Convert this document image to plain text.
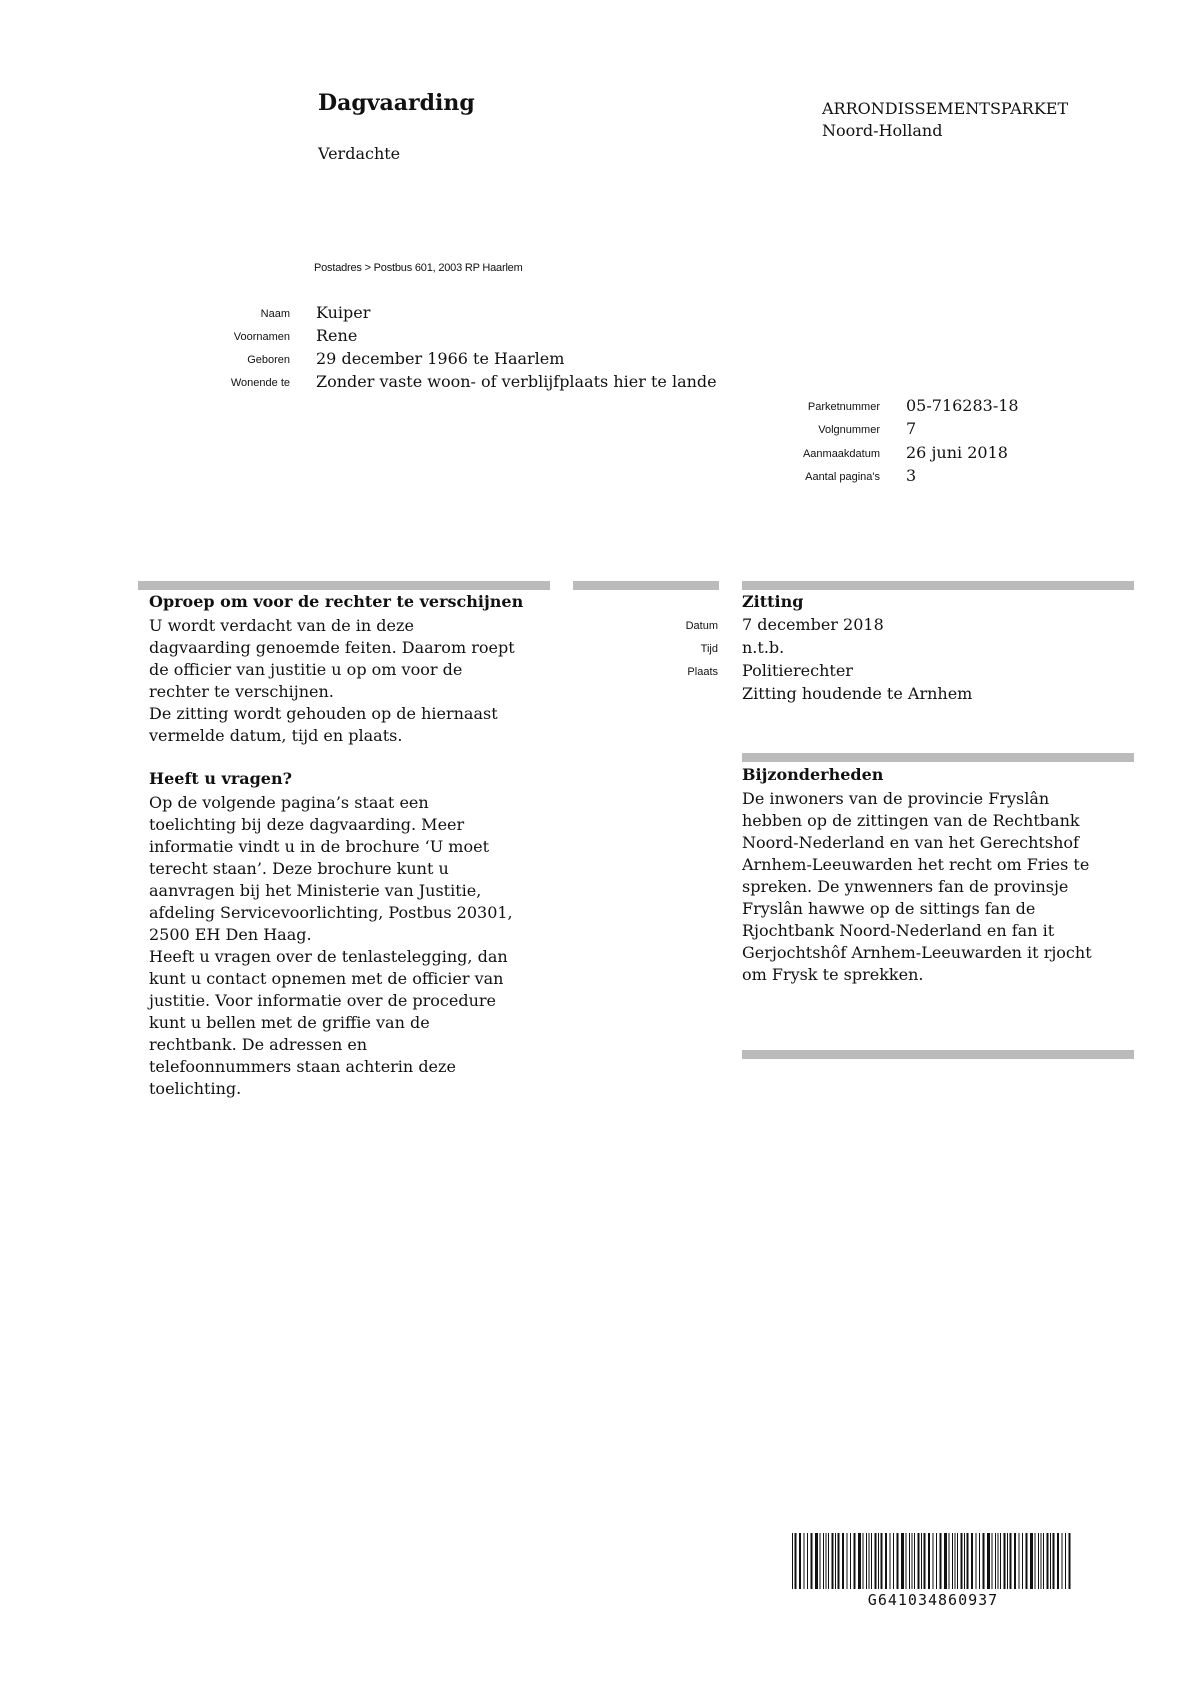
Dagvaarding
Verdachte
ARRONDISSEMENTSPARKET
Noord-Holland
Postadres > Postbus 601, 2003 RP Haarlem
Naam Kuiper
Voornamen Rene
Geboren 29 december 1966 te Haarlem
Wonende te Zonder vaste woon- of verblijfplaats hier te lande
Parketnummer 05-716283-18
Volgnummer 7
Aanmaakdatum 26 juni 2018
Aantal pagina's 3
Oproep om voor de rechter te verschijnen
U wordt verdacht van de in deze
dagvaarding genoemde feiten. Daarom roept
de officier van justitie u op om voor de
rechter te verschijnen.
De zitting wordt gehouden op de hiernaast
vermelde datum, tijd en plaats.
Heeft u vragen?
Op de volgende pagina’s staat een
toelichting bij deze dagvaarding. Meer
informatie vindt u in de brochure ‘U moet
terecht staan’. Deze brochure kunt u
aanvragen bij het Ministerie van Justitie,
afdeling Servicevoorlichting, Postbus 20301,
2500 EH Den Haag.
Heeft u vragen over de tenlastelegging, dan
kunt u contact opnemen met de officier van
justitie. Voor informatie over de procedure
kunt u bellen met de griffie van de
rechtbank. De adressen en
telefoonnummers staan achterin deze
toelichting.
Zitting
Datum 7 december 2018
Tijd n.t.b.
Plaats Politierechter
Zitting houdende te Arnhem
Bijzonderheden
De inwoners van de provincie Fryslân
hebben op de zittingen van de Rechtbank
Noord-Nederland en van het Gerechtshof
Arnhem-Leeuwarden het recht om Fries te
spreken. De ynwenners fan de provinsje
Fryslân hawwe op de sittings fan de
Rjochtbank Noord-Nederland en fan it
Gerjochtshôf Arnhem-Leeuwarden it rjocht
om Frysk te sprekken.
G641034860937
